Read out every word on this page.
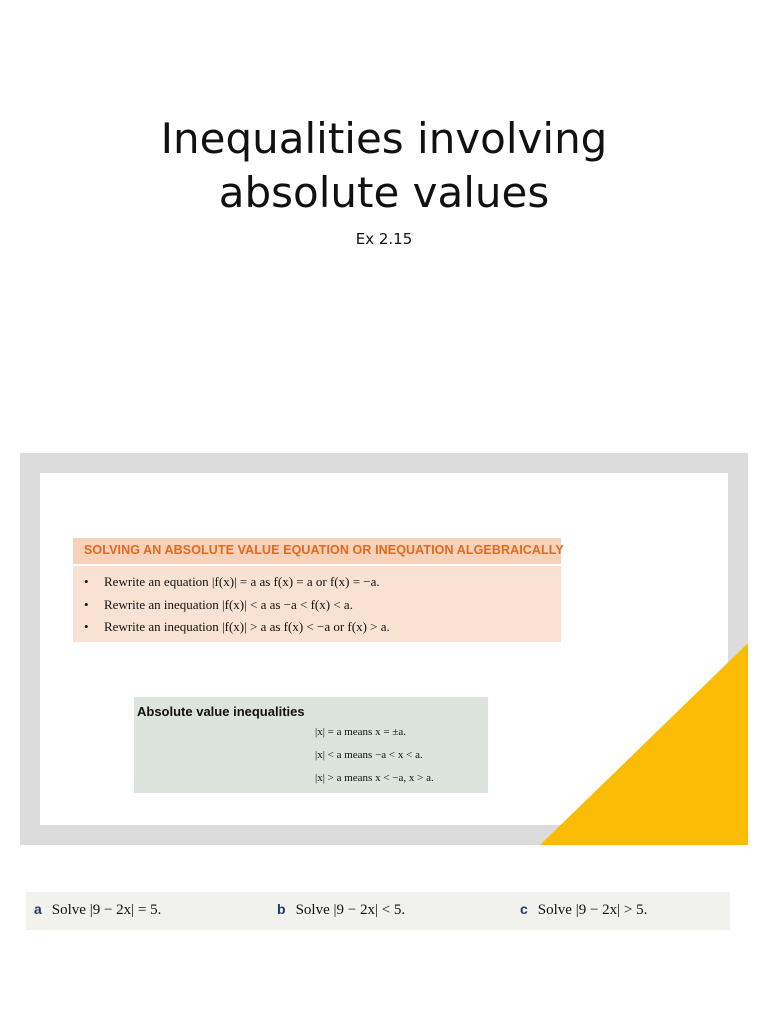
Inequalities involving
absolute values
Ex 2.15
SOLVING AN ABSOLUTE VALUE EQUATION OR INEQUATION ALGEBRAICALLY
• Rewrite an equation |f(x)| = a as f(x) = a or f(x) = −a.
• Rewrite an inequation |f(x)| < a as −a < f(x) < a.
• Rewrite an inequation |f(x)| > a as f(x) < −a or f(x) > a.
Absolute value inequalities
|x| = a means x = ±a.
|x| < a means −a < x < a.
|x| > a means x < −a, x > a.
a Solve |9 − 2x| = 5.	b Solve |9 − 2x| < 5.	c Solve |9 − 2x| > 5.
